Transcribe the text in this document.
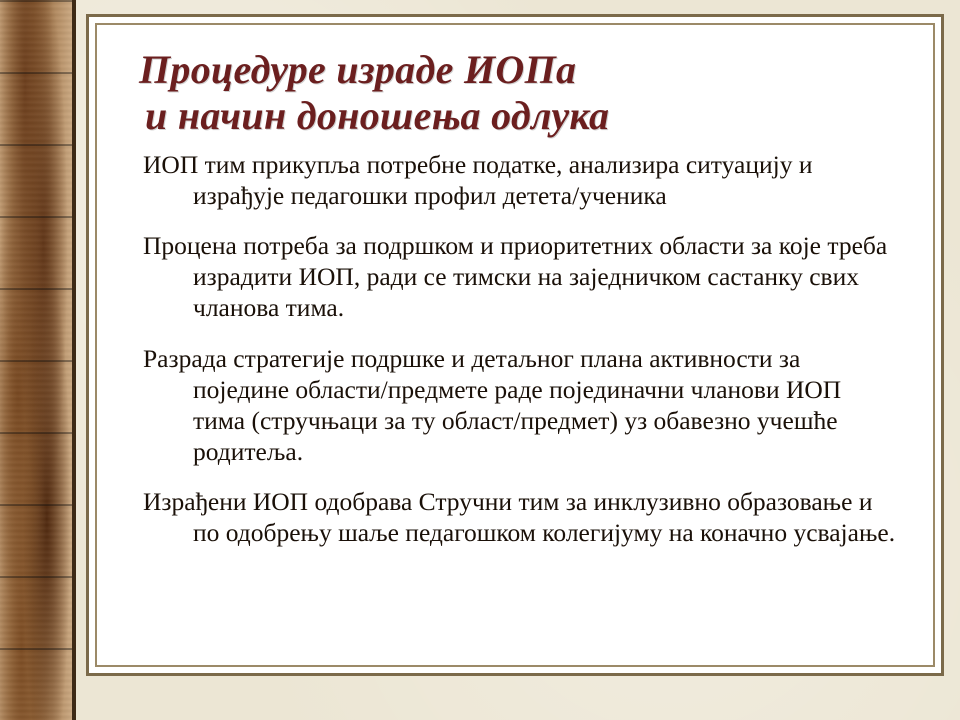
Процедуре израде ИОПа
и начин доношења одлука
ИОП тим прикупља потребне податке, анализира ситуацију и израђује педагошки профил детета/ученика
Процена потреба за подршком и приоритетних области за које треба израдити ИОП, ради се тимски на заједничком састанку свих чланова тима.
Разрада стратегије подршке и детаљног плана активности за поједине области/предмете раде појединачни чланови ИОП тима (стручњаци за ту област/предмет) уз обавезно учешће родитеља.
Израђени ИОП одобрава Стручни тим за инклузивно образовање и по одобрењу шаље педагошком колегијуму на коначно усвајање.
